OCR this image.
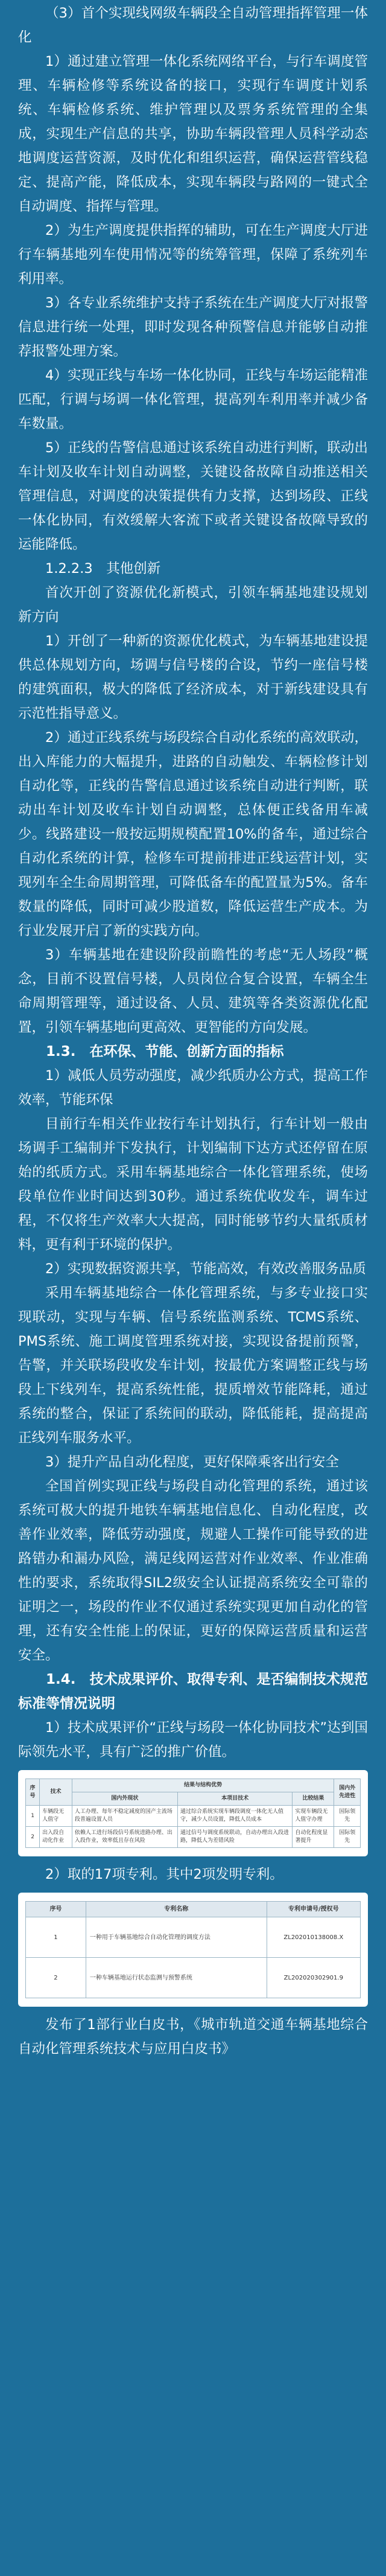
（3）首个实现线网级车辆段全自动管理指挥管理一体化

1）通过建立管理一体化系统网络平台，与行车调度管理、车辆检修等系统设备的接口，实现行车调度计划系统、车辆检修系统、维护管理以及票务系统管理的全集成，实现生产信息的共享，协助车辆段管理人员科学动态地调度运营资源，及时优化和组织运营，确保运营管线稳定、提高产能，降低成本，实现车辆段与路网的一键式全自动调度、指挥与管理。

2）为生产调度提供指挥的辅助，可在生产调度大厅进行车辆基地列车使用情况等的统筹管理，保障了系统列车利用率。

3）各专业系统维护支持子系统在生产调度大厅对报警信息进行统一处理，即时发现各种预警信息并能够自动推荐报警处理方案。

4）实现正线与车场一体化协同，正线与车场运能精准匹配，行调与场调一体化管理，提高列车利用率并减少备车数量。

5）正线的告警信息通过该系统自动进行判断，联动出车计划及收车计划自动调整，关键设备故障自动推送相关管理信息，对调度的决策提供有力支撑，达到场段、正线一体化协同，有效缓解大客流下或者关键设备故障导致的运能降低。

1.2.2.3　其他创新

首次开创了资源优化新模式，引领车辆基地建设规划新方向

1）开创了一种新的资源优化模式，为车辆基地建设提供总体规划方向，场调与信号楼的合设，节约一座信号楼的建筑面积，极大的降低了经济成本，对于新线建设具有示范性指导意义。

2）通过正线系统与场段综合自动化系统的高效联动，出入库能力的大幅提升，进路的自动触发、车辆检修计划自动化等，正线的告警信息通过该系统自动进行判断，联动出车计划及收车计划自动调整，总体便正线备用车减少。线路建设一般按远期规模配置10%的备车，通过综合自动化系统的计算，检修车可提前排进正线运营计划，实现列车全生命周期管理，可降低备车的配置量为5%。备车数量的降低，同时可减少股道数，降低运营生产成本。为行业发展开启了新的实践方向。

3）车辆基地在建设阶段前瞻性的考虑“无人场段”概念，目前不设置信号楼，人员岗位合复合设置，车辆全生命周期管理等，通过设备、人员、建筑等各类资源优化配置，引领车辆基地向更高效、更智能的方向发展。

1.3.　在环保、节能、创新方面的指标

1）减低人员劳动强度，减少纸质办公方式，提高工作效率，节能环保

目前行车相关作业按行车计划执行，行车计划一般由场调手工编制并下发执行，计划编制下达方式还停留在原始的纸质方式。采用车辆基地综合一体化管理系统，使场段单位作业时间达到30秒。通过系统优收发车，调车过程，不仅将生产效率大大提高，同时能够节约大量纸质材料，更有利于环境的保护。

2）实现数据资源共享，节能高效，有效改善服务品质

采用车辆基地综合一体化管理系统，与多专业接口实现联动，实现与车辆、信号系统监测系统、TCMS系统、PMS系统、施工调度管理系统对接，实现设备提前预警，告警，并关联场段收发车计划，按最优方案调整正线与场段上下线列车，提高系统性能，提质增效节能降耗，通过系统的整合，保证了系统间的联动，降低能耗，提高提高正线列车服务水平。

3）提升产品自动化程度，更好保障乘客出行安全

全国首例实现正线与场段自动化管理的系统，通过该系统可极大的提升地铁车辆基地信息化、自动化程度，改善作业效率，降低劳动强度，规避人工操作可能导致的进路错办和漏办风险，满足线网运营对作业效率、作业准确性的要求，系统取得SIL2级安全认证提高系统安全可靠的证明之一，场段的作业不仅通过系统实现更加自动化的管理，还有安全性能上的保证，更好的保障运营质量和运营安全。

1.4.　技术成果评价、取得专利、是否编制技术规范标准等情况说明

1）技术成果评价“正线与场段一体化协同技术”达到国际领先水平，具有广泛的推广价值。

序号	技术	结果与结构优势			国内外先进性
		国内外现状	本项目技术	比较结果	
1	车辆段无人值守	人工办理、每年不稳定减度的国产主流场段普遍设置人员	通过综合系统实现车辆段调度一体化无人值守，减少人员设置，降低人员成本	实现车辆段无人值守办理	国际领先
2	出入段自动化作业	依赖人工进行场段信号系统进路办理、出入段作业，效率低且存在风险	通过信号与调度系统联动，自动办理出入段进路，降低人为差错风险	自动化程度显著提升	国际领先

2）取的17项专利。其中2项发明专利。

序号	专利名称	专利申请号/授权号
1	一种用于车辆基地综合自动化管理的调度方法	ZL202010138008.X
2	一种车辆基地运行状态监测与预警系统	ZL202020302901.9

发布了1部行业白皮书，《城市轨道交通车辆基地综合自动化管理系统技术与应用白皮书》
